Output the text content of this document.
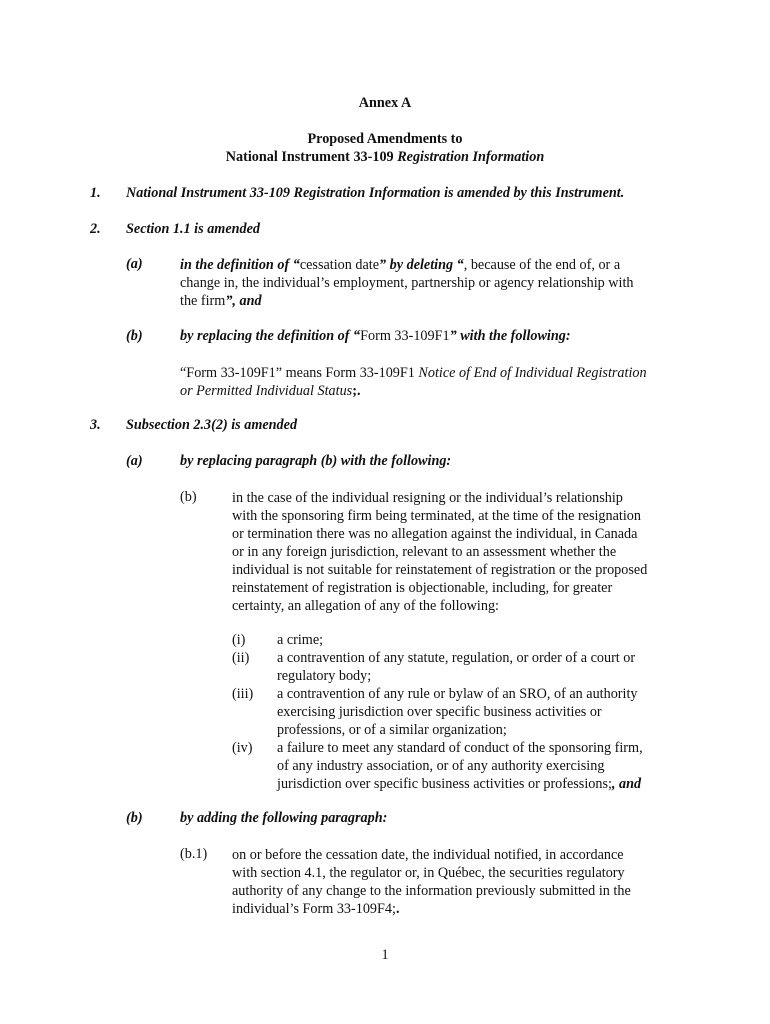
Annex A
Proposed Amendments to
National Instrument 33-109 Registration Information
1. National Instrument 33-109 Registration Information is amended by this Instrument.
2. Section 1.1 is amended
(a)	in the definition of “cessation date” by deleting “, because of the end of, or a
change in, the individual’s employment, partnership or agency relationship with
the firm”, and
(b)	by replacing the definition of “Form 33-109F1” with the following:
“Form 33-109F1” means Form 33-109F1 Notice of End of Individual Registration
or Permitted Individual Status;.
3. Subsection 2.3(2) is amended
(a)	by replacing paragraph (b) with the following:
(b) in the case of the individual resigning or the individual’s relationship
with the sponsoring firm being terminated, at the time of the resignation
or termination there was no allegation against the individual, in Canada
or in any foreign jurisdiction, relevant to an assessment whether the
individual is not suitable for reinstatement of registration or the proposed
reinstatement of registration is objectionable, including, for greater
certainty, an allegation of any of the following:
(i)	a crime;
(ii)	a contravention of any statute, regulation, or order of a court or
regulatory body;
(iii)	a contravention of any rule or bylaw of an SRO, of an authority
exercising jurisdiction over specific business activities or
professions, or of a similar organization;
(iv)	a failure to meet any standard of conduct of the sponsoring firm,
of any industry association, or of any authority exercising
jurisdiction over specific business activities or professions;, and
(b)	by adding the following paragraph:
(b.1) on or before the cessation date, the individual notified, in accordance
with section 4.1, the regulator or, in Québec, the securities regulatory
authority of any change to the information previously submitted in the
individual’s Form 33-109F4;.
1
